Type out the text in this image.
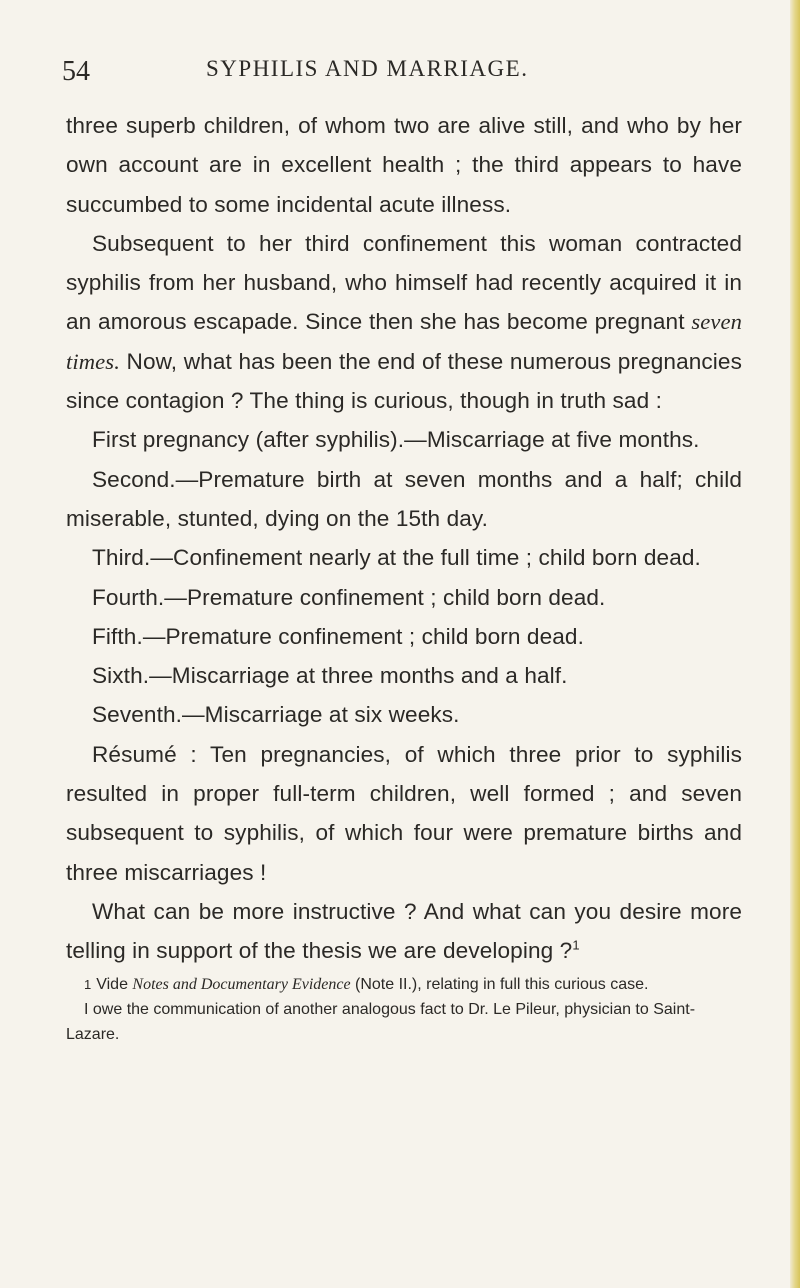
54	SYPHILIS AND MARRIAGE.

three superb children, of whom two are alive still, and who by her own account are in excellent health ; the third appears to have succumbed to some incidental acute illness.

Subsequent to her third confinement this woman contracted syphilis from her husband, who himself had recently acquired it in an amorous escapade. Since then she has become pregnant seven times. Now, what has been the end of these numerous pregnancies since contagion ? The thing is curious, though in truth sad :

First pregnancy (after syphilis).—Miscarriage at five months.

Second.—Premature birth at seven months and a half; child miserable, stunted, dying on the 15th day.

Third.—Confinement nearly at the full time ; child born dead.

Fourth.—Premature confinement ; child born dead.

Fifth.—Premature confinement ; child born dead.

Sixth.—Miscarriage at three months and a half.

Seventh.—Miscarriage at six weeks.

Résumé : Ten pregnancies, of which three prior to syphilis resulted in proper full-term children, well formed ; and seven subsequent to syphilis, of which four were premature births and three miscarriages !

What can be more instructive ? And what can you desire more telling in support of the thesis we are developing ?$^1$

1 Vide Notes and Documentary Evidence (Note II.), relating in full this curious case.

I owe the communication of another analogous fact to Dr. Le Pileur, physician to Saint-Lazare.
